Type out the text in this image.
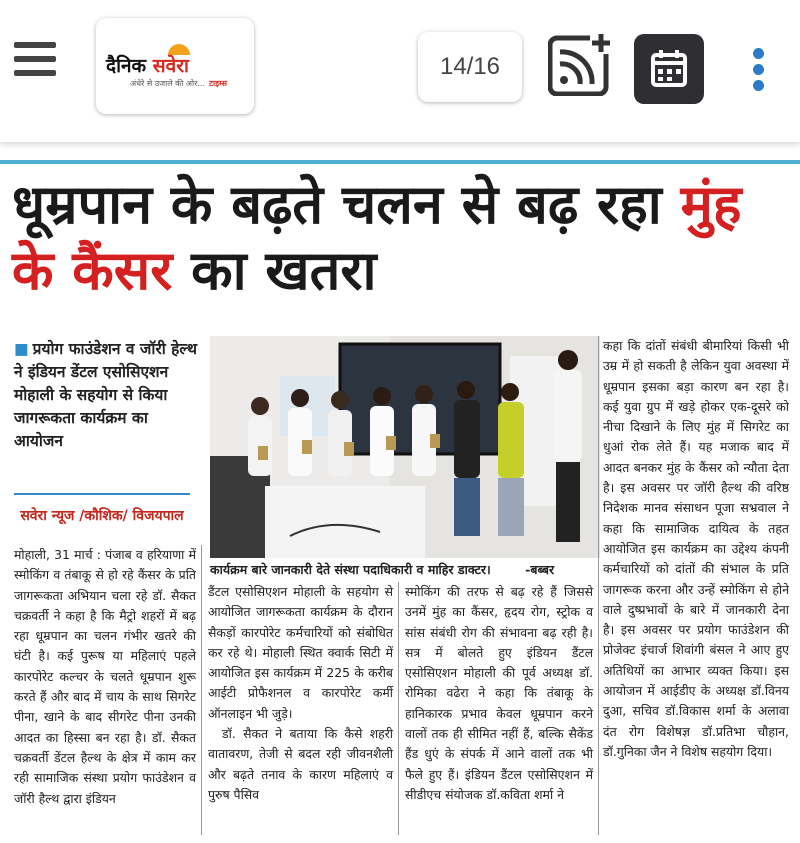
दैनिक सवेरा
अंधेरे से उजाले की ओर... टाइम्स
14/16
धूम्रपान के बढ़ते चलन से बढ़ रहा मुंह के कैंसर का खतरा
■ प्रयोग फाउंडेशन व जॉरी हेल्थ ने इंडियन डेंटल एसोसिएशन मोहाली के सहयोग से किया जागरूकता कार्यक्रम का आयोजन
सवेरा न्यूज /कौशिक/ विजयपाल
कार्यक्रम बारे जानकारी देते संस्था पदाधिकारी व माहिर डाक्टर।	-बब्बर

मोहाली, 31 मार्च : पंजाब व हरियाणा में स्मोकिंग व तंबाकू से हो रहे कैंसर के प्रति जागरूकता अभियान चला रहे डॉ. सैकत चक्रवर्ती ने कहा है कि मैट्रो शहरों में बढ़ रहा धूम्रपान का चलन गंभीर खतरे की घंटी है। कई पुरूष या महिलाएं पहले कारपोरेट कल्चर के चलते धूम्रपान शुरू करते हैं और बाद में चाय के साथ सिगरेट पीना, खाने के बाद सीगरेट पीना उनकी आदत का हिस्सा बन रहा है। डॉ. सैकत चक्रवर्ती डेंटल हैल्थ के क्षेत्र में काम कर रही सामाजिक संस्था प्रयोग फाउंडेशन व जॉरी हैल्थ द्वारा इंडियन

डैंटल एसोसिएशन मोहाली के सहयोग से आयोजित जागरूकता कार्यक्रम के दौरान सैकड़ों कारपोरेट कर्मचारियों को संबोधित कर रहे थे। मोहाली स्थित क्वार्क सिटी में आयोजित इस कार्यक्रम में 225 के करीब आईटी प्रोफैशनल व कारपोरेट कर्मी ऑनलाइन भी जुड़े।

डॉ. सैकत ने बताया कि कैसे शहरी वातावरण, तेजी से बदल रही जीवनशैली और बढ़ते तनाव के कारण महिलाएं व पुरुष पैसिव

स्मोकिंग की तरफ से बढ़ रहे हैं जिससे उनमें मुंह का कैंसर, हृदय रोग, स्ट्रोक व सांस संबंधी रोग की संभावना बढ़ रही है। सत्र में बोलते हुए इंडियन डैंटल एसोसिएशन मोहाली की पूर्व अध्यक्ष डॉ. रोमिका वढेरा ने कहा कि तंबाकू के हानिकारक प्रभाव केवल धूम्रपान करने वालों तक ही सीमित नहीं हैं, बल्कि सैकेंड हैंड धुएं के संपर्क में आने वालों तक भी फैले हुए हैं। इंडियन डैंटल एसोसिएशन में सीडीएच संयोजक डॉ.कविता शर्मा ने

कहा कि दांतों संबंधी बीमारियां किसी भी उम्र में हो सकती है लेकिन युवा अवस्था में धूम्रपान इसका बड़ा कारण बन रहा है। कई युवा ग्रुप में खड़े होकर एक-दूसरे को नीचा दिखाने के लिए मुंह में सिगरेट का धुआं रोक लेते हैं। यह मजाक बाद में आदत बनकर मुंह के कैंसर को न्यौता देता है। इस अवसर पर जॉरी हैल्थ की वरिष्ठ निदेशक मानव संसाधन पूजा सभ्रवाल ने कहा कि सामाजिक दायित्व के तहत आयोजित इस कार्यक्रम का उद्देश्य कंपनी कर्मचारियों को दांतों की संभाल के प्रति जागरूक करना और उन्हें स्मोकिंग से होने वाले दुष्प्रभावों के बारे में जानकारी देना है। इस अवसर पर प्रयोग फाउंडेशन की प्रोजेक्ट इंचार्ज शिवांगी बंसल ने आए हुए अतिथियों का आभार व्यक्त किया। इस आयोजन में आईडीए के अध्यक्ष डॉ.विनय दुआ, सचिव डॉ.विकास शर्मा के अलावा दंत रोग विशेषज्ञ डॉ.प्रतिभा चौहान, डॉ.गुनिका जैन ने विशेष सहयोग दिया।
